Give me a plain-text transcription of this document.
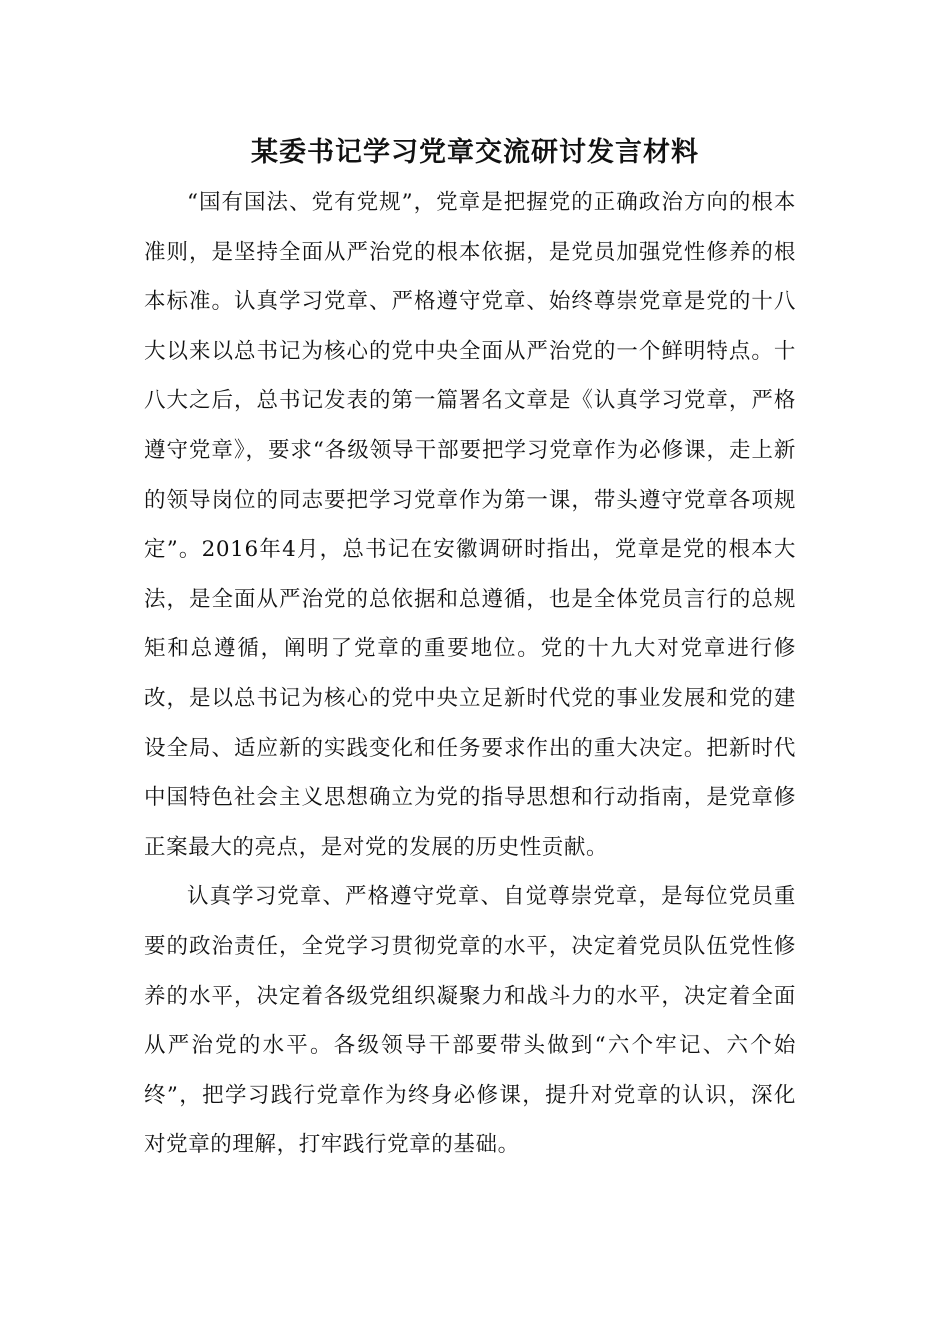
某委书记学习党章交流研讨发言材料

“国有国法、党有党规”，党章是把握党的正确政治方向的根本准则，是坚持全面从严治党的根本依据，是党员加强党性修养的根本标准。认真学习党章、严格遵守党章、始终尊崇党章是党的十八大以来以总书记为核心的党中央全面从严治党的一个鲜明特点。十八大之后，总书记发表的第一篇署名文章是《认真学习党章，严格遵守党章》，要求“各级领导干部要把学习党章作为必修课，走上新的领导岗位的同志要把学习党章作为第一课，带头遵守党章各项规定”。2016年4月，总书记在安徽调研时指出，党章是党的根本大法，是全面从严治党的总依据和总遵循，也是全体党员言行的总规矩和总遵循，阐明了党章的重要地位。党的十九大对党章进行修改，是以总书记为核心的党中央立足新时代党的事业发展和党的建设全局、适应新的实践变化和任务要求作出的重大决定。把新时代中国特色社会主义思想确立为党的指导思想和行动指南，是党章修正案最大的亮点，是对党的发展的历史性贡献。

认真学习党章、严格遵守党章、自觉尊崇党章，是每位党员重要的政治责任，全党学习贯彻党章的水平，决定着党员队伍党性修养的水平，决定着各级党组织凝聚力和战斗力的水平，决定着全面从严治党的水平。各级领导干部要带头做到“六个牢记、六个始终”，把学习践行党章作为终身必修课，提升对党章的认识，深化对党章的理解，打牢践行党章的基础。
